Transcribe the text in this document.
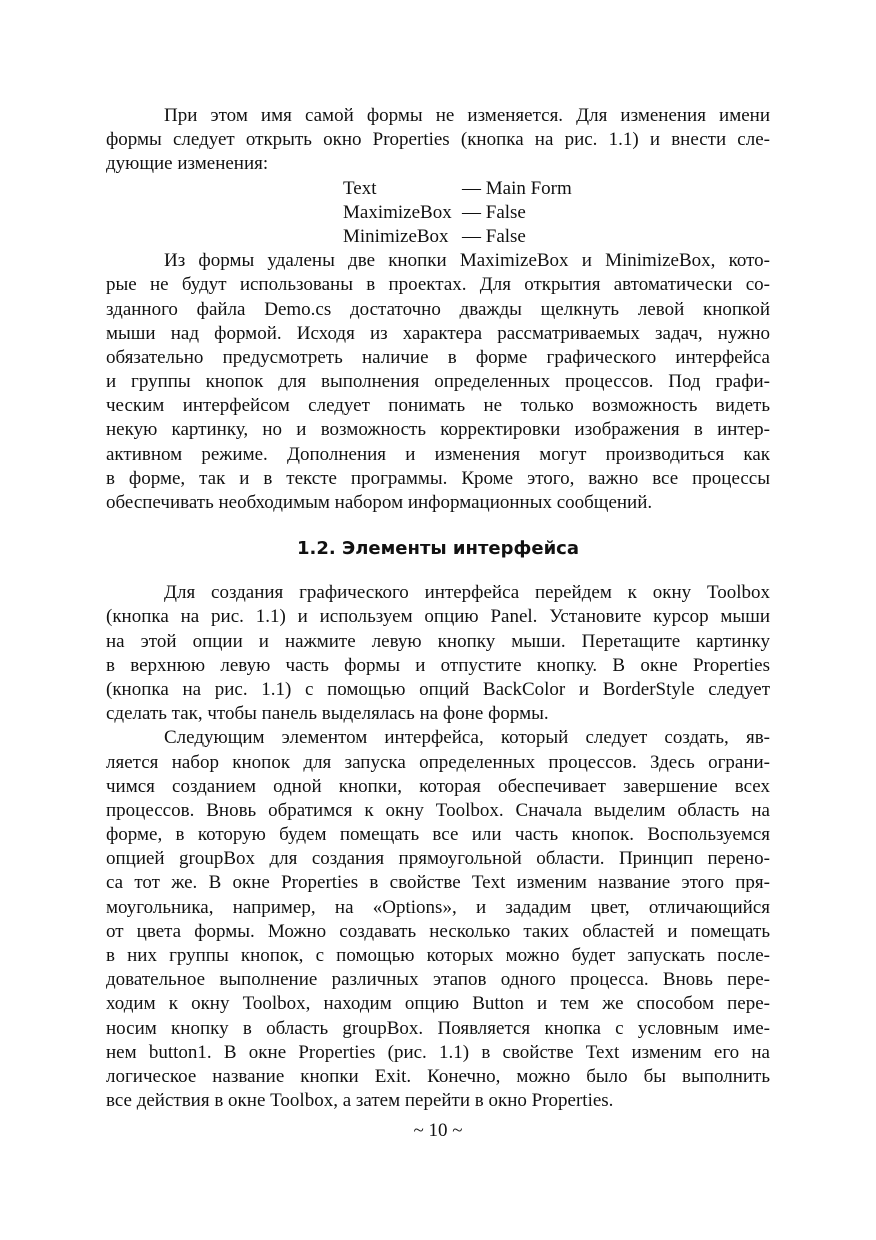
При этом имя самой формы не изменяется. Для изменения имени
формы следует открыть окно Properties (кнопка на рис. 1.1) и внести сле-
дующие изменения:
Text	— Main Form
MaximizeBox — False
MinimizeBox — False
Из формы удалены две кнопки MaximizeBox и MinimizeBox, кото-
рые не будут использованы в проектах. Для открытия автоматически со-
зданного файла Demo.cs достаточно дважды щелкнуть левой кнопкой
мыши над формой. Исходя из характера рассматриваемых задач, нужно
обязательно предусмотреть наличие в форме графического интерфейса
и группы кнопок для выполнения определенных процессов. Под графи-
ческим интерфейсом следует понимать не только возможность видеть
некую картинку, но и возможность корректировки изображения в интер-
активном режиме. Дополнения и изменения могут производиться как
в форме, так и в тексте программы. Кроме этого, важно все процессы
обеспечивать необходимым набором информационных сообщений.
1.2. Элементы интерфейса
Для создания графического интерфейса перейдем к окну Toolbox
(кнопка на рис. 1.1) и используем опцию Panel. Установите курсор мыши
на этой опции и нажмите левую кнопку мыши. Перетащите картинку
в верхнюю левую часть формы и отпустите кнопку. В окне Properties
(кнопка на рис. 1.1) с помощью опций BackColor и BorderStyle следует
сделать так, чтобы панель выделялась на фоне формы.
Следующим элементом интерфейса, который следует создать, яв-
ляется набор кнопок для запуска определенных процессов. Здесь ограни-
чимся созданием одной кнопки, которая обеспечивает завершение всех
процессов. Вновь обратимся к окну Toolbox. Сначала выделим область на
форме, в которую будем помещать все или часть кнопок. Воспользуемся
опцией groupBox для создания прямоугольной области. Принцип перено-
са тот же. В окне Properties в свойстве Text изменим название этого пря-
моугольника, например, на «Options», и зададим цвет, отличающийся
от цвета формы. Можно создавать несколько таких областей и помещать
в них группы кнопок, с помощью которых можно будет запускать после-
довательное выполнение различных этапов одного процесса. Вновь пере-
ходим к окну Toolbox, находим опцию Button и тем же способом пере-
носим кнопку в область groupBox. Появляется кнопка с условным име-
нем button1. В окне Properties (рис. 1.1) в свойстве Text изменим его на
логическое название кнопки Exit. Конечно, можно было бы выполнить
все действия в окне Toolbox, а затем перейти в окно Properties.
~ 10 ~
